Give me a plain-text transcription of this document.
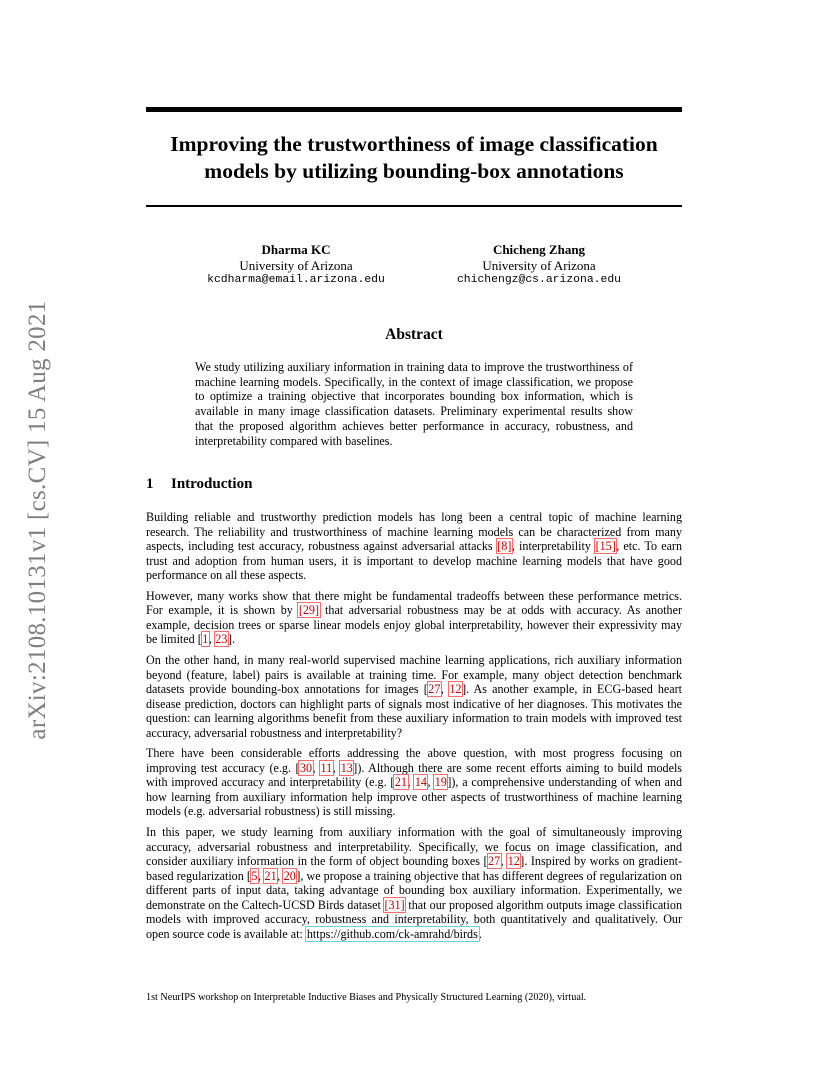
arXiv:2108.10131v1 [cs.CV] 15 Aug 2021
Improving the trustworthiness of image classification
models by utilizing bounding-box annotations
Dharma KC
University of Arizona
kcdharma@email.arizona.edu
Chicheng Zhang
University of Arizona
chichengz@cs.arizona.edu
Abstract
We study utilizing auxiliary information in training data to improve the trustworthiness of machine learning models. Specifically, in the context of image classification, we propose to optimize a training objective that incorporates bounding box information, which is available in many image classification datasets. Preliminary experimental results show that the proposed algorithm achieves better performance in accuracy, robustness, and interpretability compared with baselines.
1 Introduction

Building reliable and trustworthy prediction models has long been a central topic of machine learning research. The reliability and trustworthiness of machine learning models can be characterized from many aspects, including test accuracy, robustness against adversarial attacks [8], interpretability [15], etc. To earn trust and adoption from human users, it is important to develop machine learning models that have good performance on all these aspects.

However, many works show that there might be fundamental tradeoffs between these performance metrics. For example, it is shown by [29] that adversarial robustness may be at odds with accuracy. As another example, decision trees or sparse linear models enjoy global interpretability, however their expressivity may be limited [1, 23].

On the other hand, in many real-world supervised machine learning applications, rich auxiliary information beyond (feature, label) pairs is available at training time. For example, many object detection benchmark datasets provide bounding-box annotations for images [27, 12]. As another example, in ECG-based heart disease prediction, doctors can highlight parts of signals most indicative of her diagnoses. This motivates the question: can learning algorithms benefit from these auxiliary information to train models with improved test accuracy, adversarial robustness and interpretability?

There have been considerable efforts addressing the above question, with most progress focusing on improving test accuracy (e.g. [30, 11, 13]). Although there are some recent efforts aiming to build models with improved accuracy and interpretability (e.g. [21, 14, 19]), a comprehensive understanding of when and how learning from auxiliary information help improve other aspects of trustworthiness of machine learning models (e.g. adversarial robustness) is still missing.

In this paper, we study learning from auxiliary information with the goal of simultaneously improving accuracy, adversarial robustness and interpretability. Specifically, we focus on image classification, and consider auxiliary information in the form of object bounding boxes [27, 12]. Inspired by works on gradient-based regularization [5, 21, 20], we propose a training objective that has different degrees of regularization on different parts of input data, taking advantage of bounding box auxiliary information. Experimentally, we demonstrate on the Caltech-UCSD Birds dataset [31] that our proposed algorithm outputs image classification models with improved accuracy, robustness and interpretability, both quantitatively and qualitatively. Our open source code is available at: https://github.com/ck-amrahd/birds.

1st NeurIPS workshop on Interpretable Inductive Biases and Physically Structured Learning (2020), virtual.
